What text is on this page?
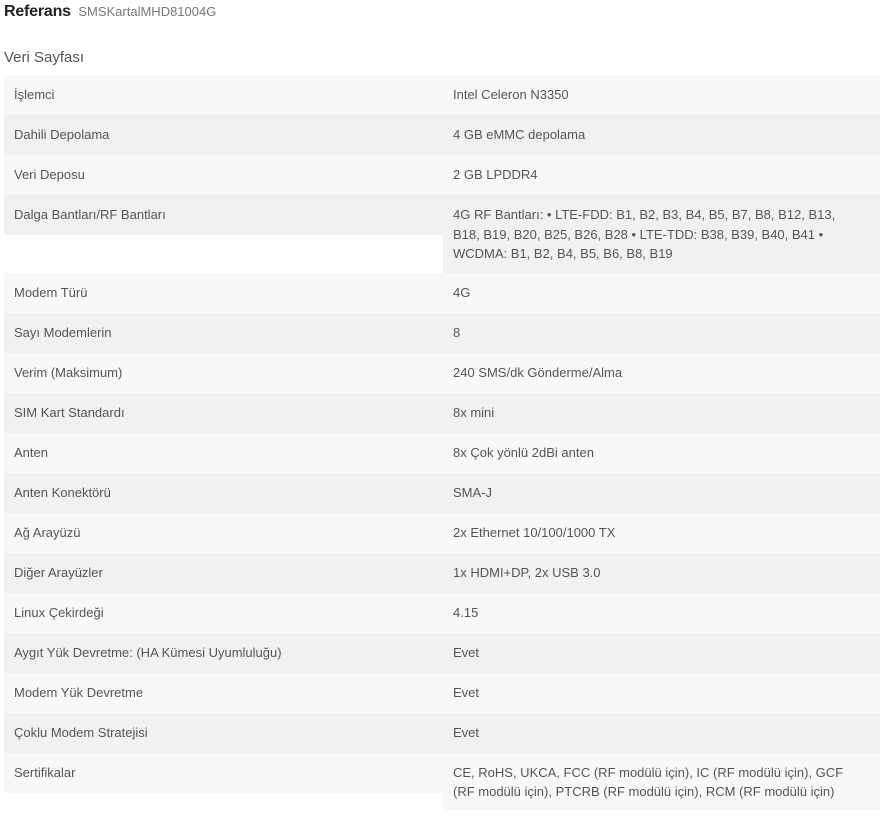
Referans SMSKartalMHD81004G
Veri Sayfası
İşlemci	Intel Celeron N3350
Dahili Depolama	4 GB eMMC depolama
Veri Deposu	2 GB LPDDR4
Dalga Bantları/RF Bantları	4G RF Bantları: • LTE-FDD: B1, B2, B3, B4, B5, B7, B8, B12, B13, B18, B19, B20, B25, B26, B28 • LTE-TDD: B38, B39, B40, B41 • WCDMA: B1, B2, B4, B5, B6, B8, B19
Modem Türü	4G
Sayı Modemlerin	8
Verim (Maksimum)	240 SMS/dk Gönderme/Alma
SIM Kart Standardı	8x mini
Anten	8x Çok yönlü 2dBi anten
Anten Konektörü	SMA-J
Ağ Arayüzü	2x Ethernet 10/100/1000 TX
Diğer Arayüzler	1x HDMI+DP, 2x USB 3.0
Linux Çekirdeği	4.15
Aygıt Yük Devretme: (HA Kümesi Uyumluluğu)	Evet
Modem Yük Devretme	Evet
Çoklu Modem Stratejisi	Evet
Sertifikalar	CE, RoHS, UKCA, FCC (RF modülü için), IC (RF modülü için), GCF (RF modülü için), PTCRB (RF modülü için), RCM (RF modülü için)
